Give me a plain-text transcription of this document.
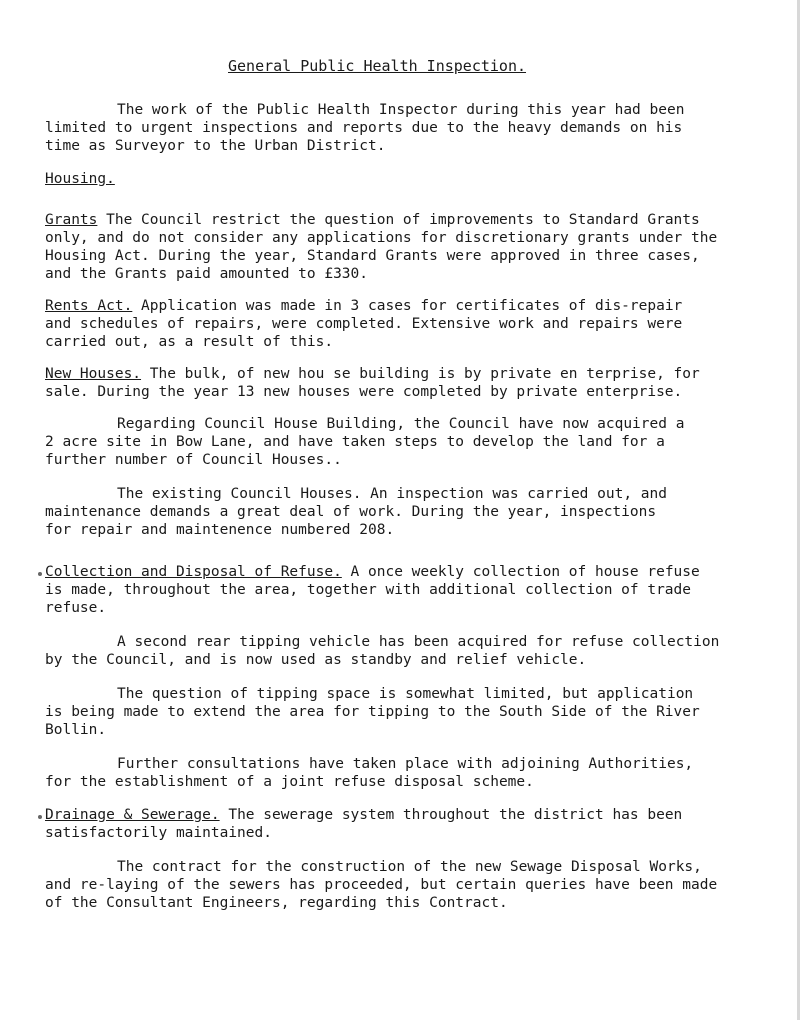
General Public Health Inspection.

The work of the Public Health Inspector during this year had been
limited to urgent inspections and reports due to the heavy demands on his
time as Surveyor to the Urban District.

Housing.

Grants The Council restrict the question of improvements to Standard Grants
only, and do not consider any applications for discretionary grants under the
Housing Act. During the year, Standard Grants were approved in three cases,
and the Grants paid amounted to £330.

Rents Act. Application was made in 3 cases for certificates of dis-repair
and schedules of repairs, were completed. Extensive work and repairs were
carried out, as a result of this.

New Houses. The bulk, of new hou se building is by private en terprise, for
sale. During the year 13 new houses were completed by private enterprise.

Regarding Council House Building, the Council have now acquired a
2 acre site in Bow Lane, and have taken steps to develop the land for a
further number of Council Houses..

The existing Council Houses. An inspection was carried out, and
maintenance demands a great deal of work. During the year, inspections
for repair and maintenence numbered 208.

Collection and Disposal of Refuse. A once weekly collection of house refuse
is made, throughout the area, together with additional collection of trade
refuse.

A second rear tipping vehicle has been acquired for refuse collection
by the Council, and is now used as standby and relief vehicle.

The question of tipping space is somewhat limited, but application
is being made to extend the area for tipping to the South Side of the River
Bollin.

Further consultations have taken place with adjoining Authorities,
for the establishment of a joint refuse disposal scheme.

Drainage & Sewerage. The sewerage system throughout the district has been
satisfactorily maintained.

The contract for the construction of the new Sewage Disposal Works,
and re-laying of the sewers has proceeded, but certain queries have been made
of the Consultant Engineers, regarding this Contract.
